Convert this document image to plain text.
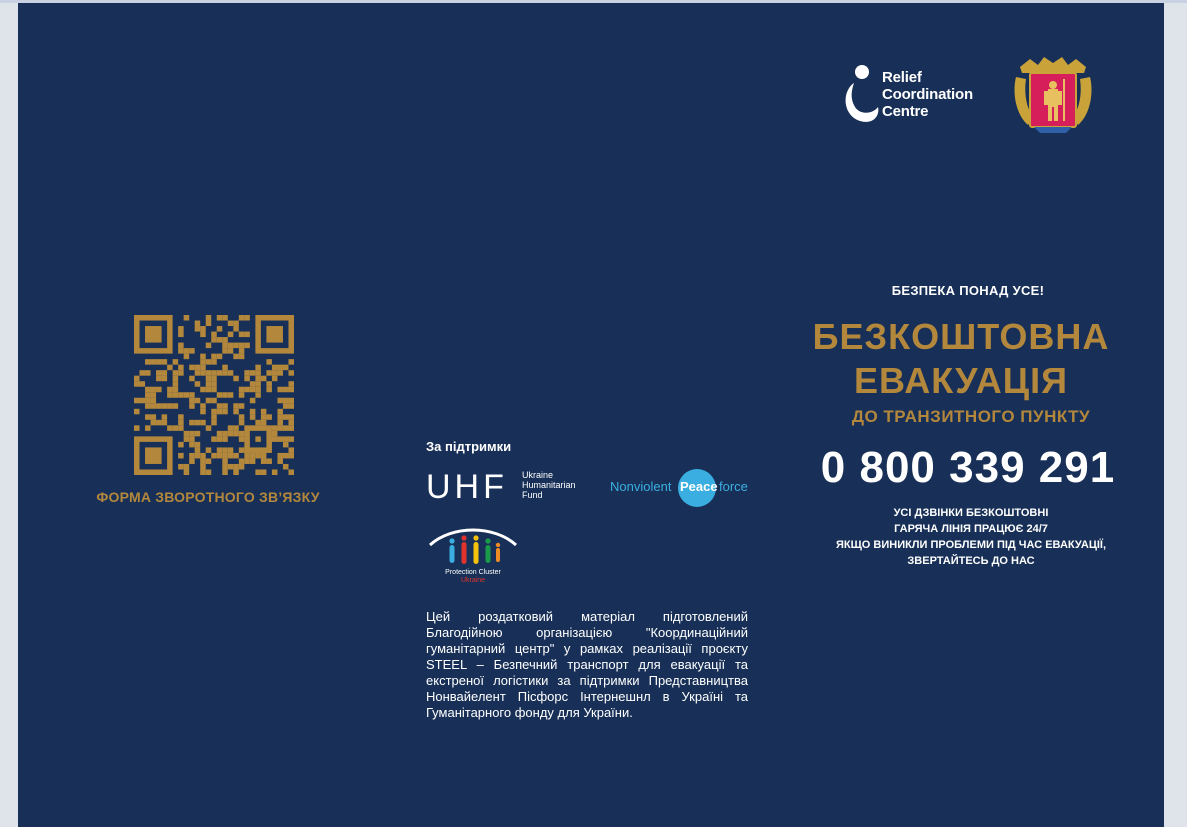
Relief
Coordination
Centre
БЕЗПЕКА ПОНАД УСЕ!
БЕЗКОШТОВНА
ЕВАКУАЦІЯ
ДО ТРАНЗИТНОГО ПУНКТУ
0 800 339 291
УСІ ДЗВІНКИ БЕЗКОШТОВНІ
ГАРЯЧА ЛІНІЯ ПРАЦЮЄ 24/7
ЯКЩО ВИНИКЛИ ПРОБЛЕМИ ПІД ЧАС ЕВАКУАЦІЇ,
ЗВЕРТАЙТЕСЬ ДО НАС
ФОРМА ЗВОРОТНОГО ЗВ’ЯЗКУ
За підтримки
UHF Ukraine
Humanitarian
Fund
Nonviolent Peace force
Protection Cluster
Ukraine
Цей роздатковий матеріал підготовлений Благодійною організацією "Координаційний гуманітарний центр" у рамках реалізації проєкту STEEL – Безпечний транспорт для евакуації та екстреної логістики за підтримки Представництва Нонвайелент Пісфорс Інтернешнл в Україні та Гуманітарного фонду для України.
